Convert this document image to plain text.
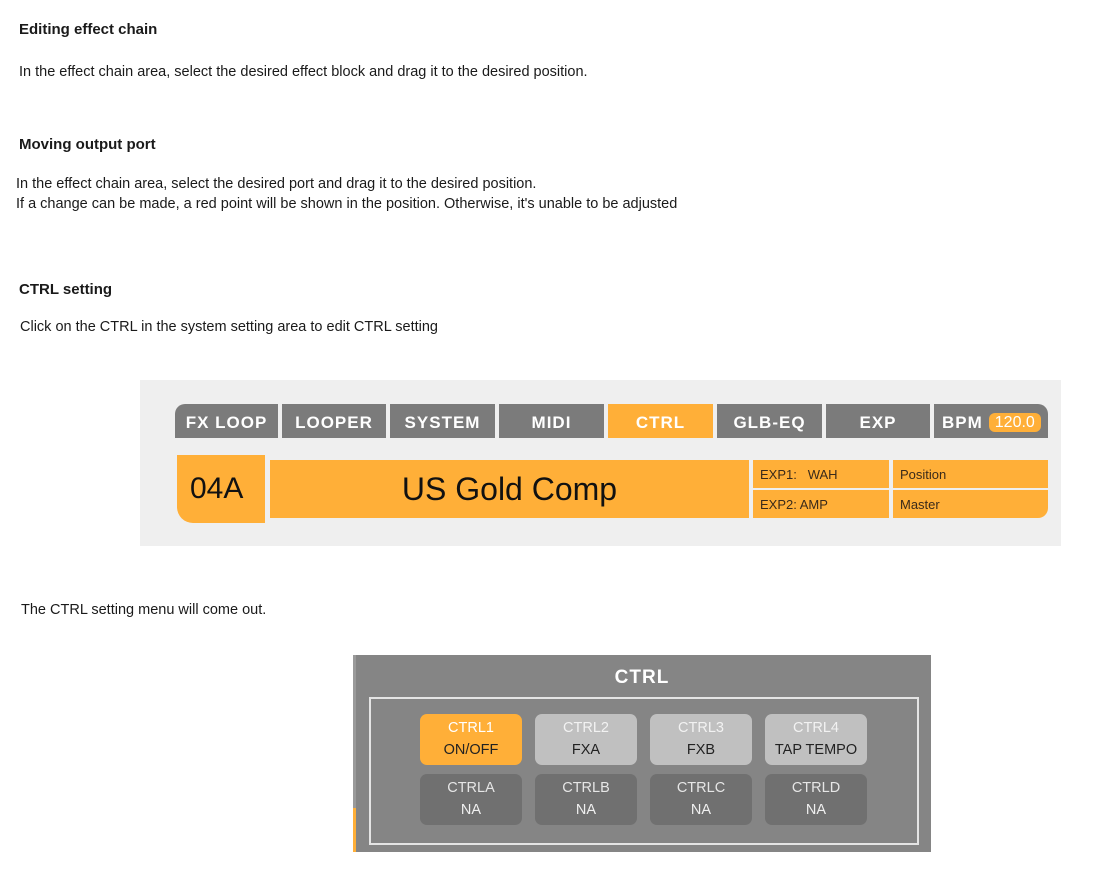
Editing effect chain

In the effect chain area, select the desired effect block and drag it to the desired position.

Moving output port

In the effect chain area, select the desired port and drag it to the desired position.

If a change can be made, a red point will be shown in the position. Otherwise, it's unable to be adjusted

CTRL setting

Click on the CTRL in the system setting area to edit CTRL setting

FX LOOP	LOOPER	SYSTEM	MIDI	CTRL	GLB-EQ	EXP	BPM 120.0
04A	US Gold Comp	EXP1:   WAH	Position
EXP2: AMP	Master

The CTRL setting menu will come out.

CTRL
CTRL1
ON/OFF
CTRL2
FXA
CTRL3
FXB
CTRL4
TAP TEMPO
CTRLA
NA
CTRLB
NA
CTRLC
NA
CTRLD
NA
